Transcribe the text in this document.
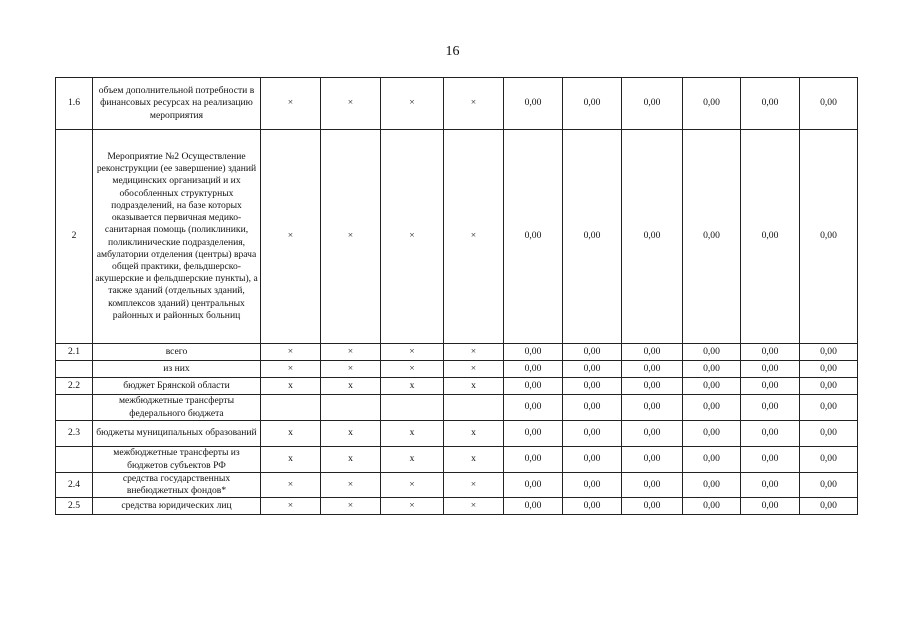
16
1.6	объем дополнительной потребности в финансовых ресурсах на реализацию мероприятия	×	×	×	×	0,00	0,00	0,00	0,00	0,00	0,00
2	Мероприятие №2 Осуществление реконструкции (ее завершение) зданий медицинских организаций и их обособленных структурных подразделений, на базе которых оказывается первичная медико-санитарная помощь (поликлиники, поликлинические подразделения, амбулатории отделения (центры) врача общей практики, фельдшерско-акушерские и фельдшерские пункты), а также зданий (отдельных зданий, комплексов зданий) центральных районных и районных больниц	×	×	×	×	0,00	0,00	0,00	0,00	0,00	0,00
2.1	всего	×	×	×	×	0,00	0,00	0,00	0,00	0,00	0,00
	из них	×	×	×	×	0,00	0,00	0,00	0,00	0,00	0,00
2.2	бюджет Брянской области	x	x	x	x	0,00	0,00	0,00	0,00	0,00	0,00
	межбюджетные трансферты федерального бюджета					0,00	0,00	0,00	0,00	0,00	0,00
2.3	бюджеты муниципальных образований	x	x	x	x	0,00	0,00	0,00	0,00	0,00	0,00
	межбюджетные трансферты из бюджетов субъектов РФ	x	x	x	x	0,00	0,00	0,00	0,00	0,00	0,00
2.4	средства государственных внебюджетных фондов*	×	×	×	×	0,00	0,00	0,00	0,00	0,00	0,00
2.5	средства юридических лиц	×	×	×	×	0,00	0,00	0,00	0,00	0,00	0,00
